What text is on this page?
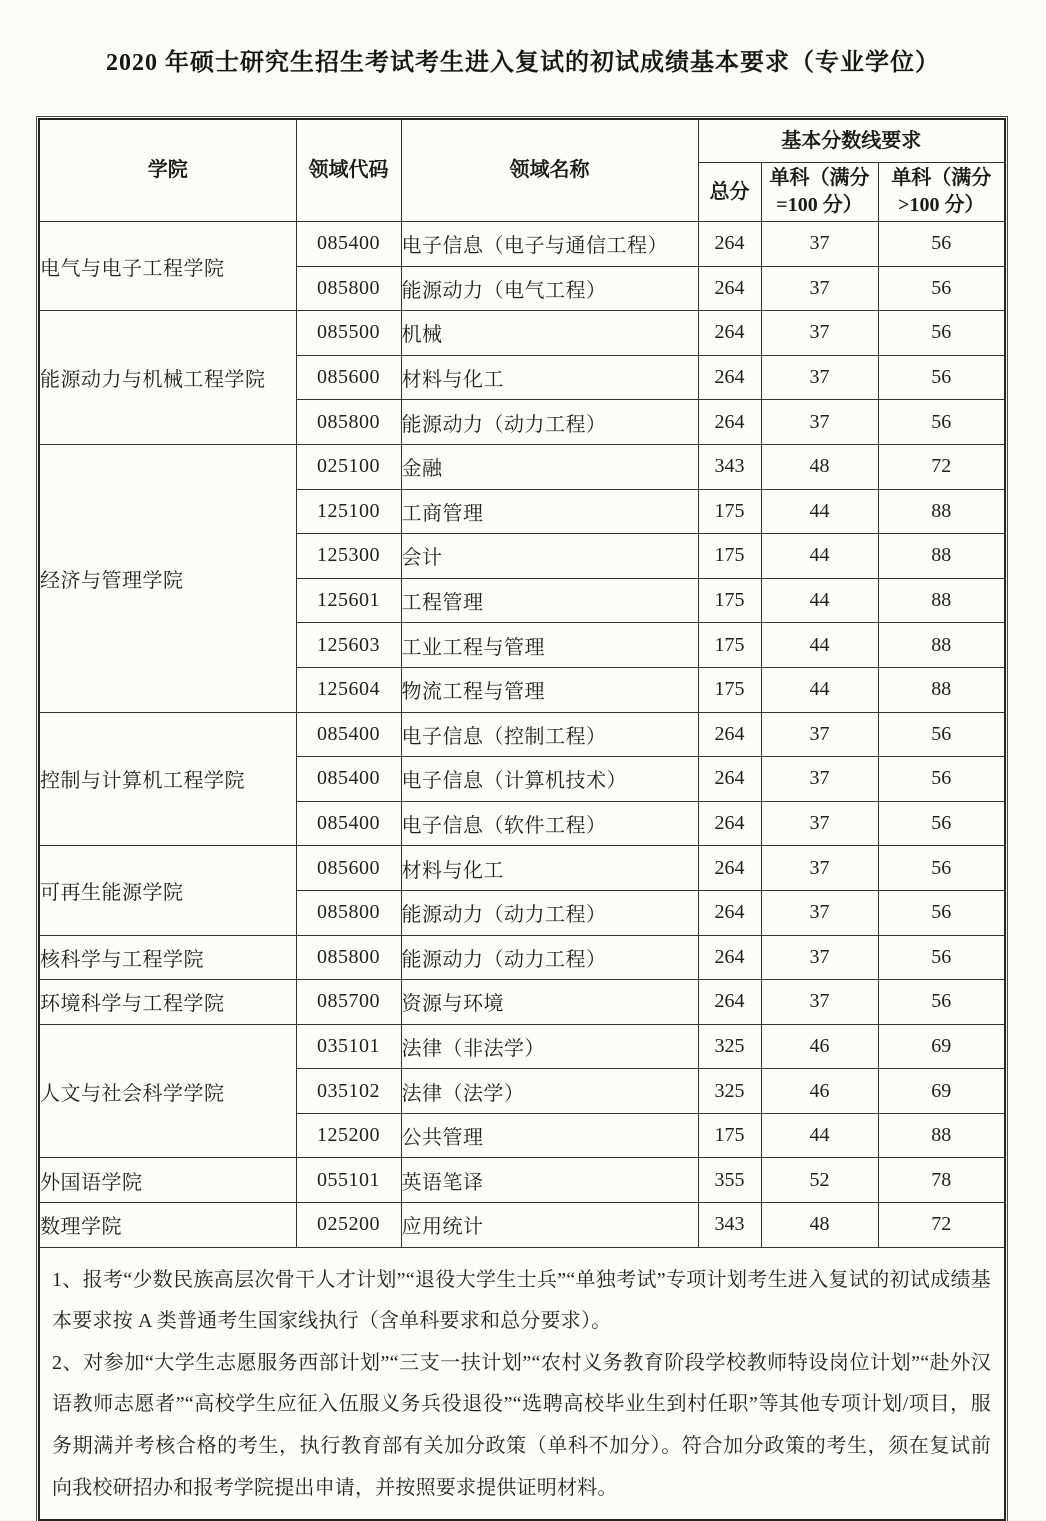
2020 年硕士研究生招生考试考生进入复试的初试成绩基本要求（专业学位）
学院	领域代码	领域名称	基本分数线要求		
			总分	单科（满分=100 分）	单科（满分>100 分）
电气与电子工程学院	085400	电子信息（电子与通信工程）	264	37	56
	085800	能源动力（电气工程）	264	37	56
能源动力与机械工程学院	085500	机械	264	37	56
	085600	材料与化工	264	37	56
	085800	能源动力（动力工程）	264	37	56
经济与管理学院	025100	金融	343	48	72
	125100	工商管理	175	44	88
	125300	会计	175	44	88
	125601	工程管理	175	44	88
	125603	工业工程与管理	175	44	88
	125604	物流工程与管理	175	44	88
控制与计算机工程学院	085400	电子信息（控制工程）	264	37	56
	085400	电子信息（计算机技术）	264	37	56
	085400	电子信息（软件工程）	264	37	56
可再生能源学院	085600	材料与化工	264	37	56
	085800	能源动力（动力工程）	264	37	56
核科学与工程学院	085800	能源动力（动力工程）	264	37	56
环境科学与工程学院	085700	资源与环境	264	37	56
人文与社会科学学院	035101	法律（非法学）	325	46	69
	035102	法律（法学）	325	46	69
	125200	公共管理	175	44	88
外国语学院	055101	英语笔译	355	52	78
数理学院	025200	应用统计	343	48	72

1、报考“少数民族高层次骨干人才计划”“退役大学生士兵”“单独考试”专项计划考生进入复试的初试成绩基本要求按 A 类普通考生国家线执行（含单科要求和总分要求）。

2、对参加“大学生志愿服务西部计划”“三支一扶计划”“农村义务教育阶段学校教师特设岗位计划”“赴外汉语教师志愿者”“高校学生应征入伍服义务兵役退役”“选聘高校毕业生到村任职”等其他专项计划/项目，服务期满并考核合格的考生，执行教育部有关加分政策（单科不加分）。符合加分政策的考生，须在复试前向我校研招办和报考学院提出申请，并按照要求提供证明材料。					
